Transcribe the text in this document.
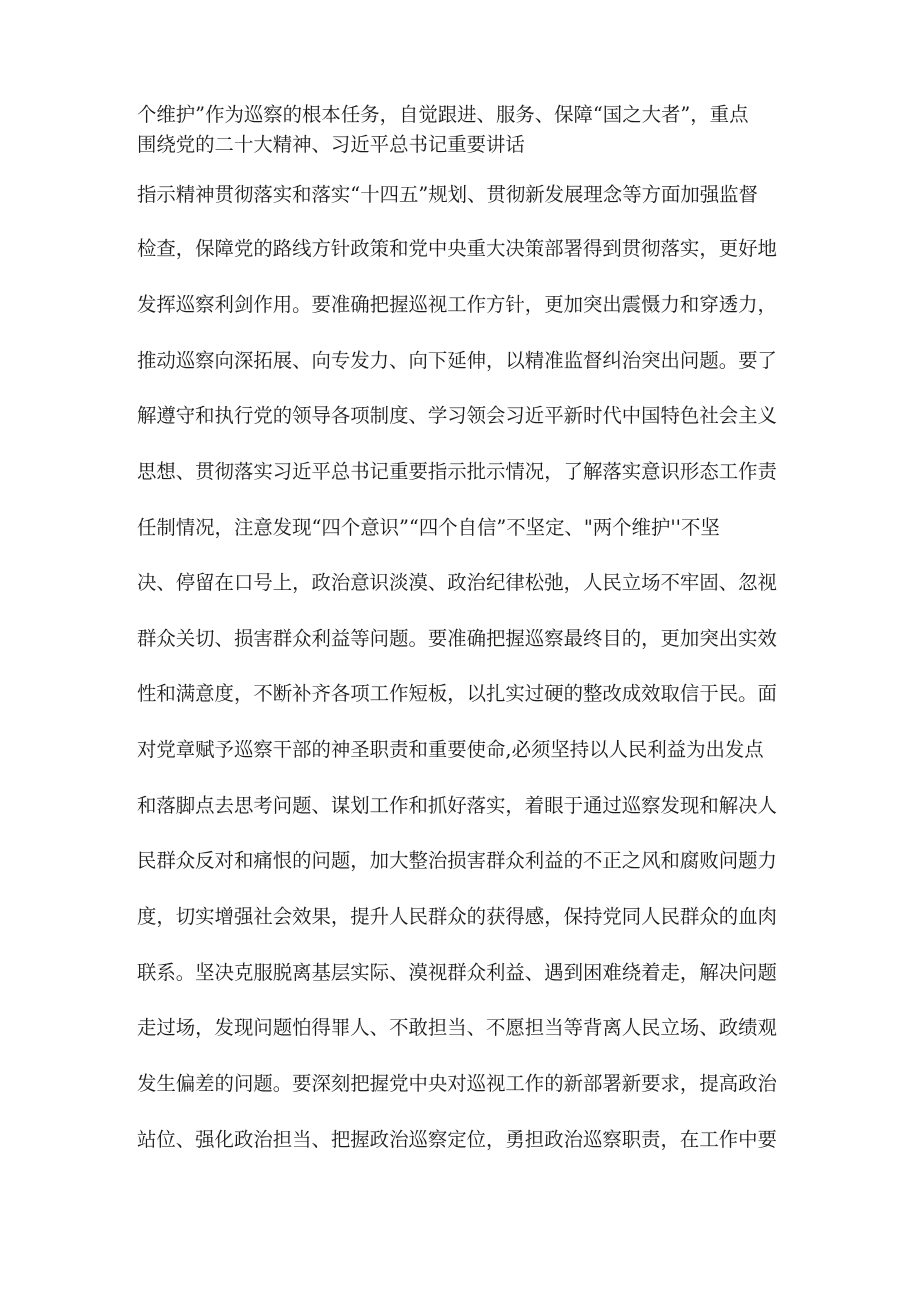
个维护”作为巡察的根本任务，自觉跟进、服务、保障“国之大者”，重点
围绕党的二十大精神、习近平总书记重要讲话
指示精神贯彻落实和落实“十四五”规划、贯彻新发展理念等方面加强监督
检查，保障党的路线方针政策和党中央重大决策部署得到贯彻落实，更好地
发挥巡察利剑作用。要准确把握巡视工作方针，更加突出震慑力和穿透力，
推动巡察向深拓展、向专发力、向下延伸，以精准监督纠治突出问题。要了
解遵守和执行党的领导各项制度、学习领会习近平新时代中国特色社会主义
思想、贯彻落实习近平总书记重要指示批示情况，了解落实意识形态工作责
任制情况，注意发现“四个意识”“四个自信”不坚定、"两个维护''不坚
决、停留在口号上，政治意识淡漠、政治纪律松弛，人民立场不牢固、忽视
群众关切、损害群众利益等问题。要准确把握巡察最终目的，更加突出实效
性和满意度，不断补齐各项工作短板，以扎实过硬的整改成效取信于民。面
对党章赋予巡察干部的神圣职责和重要使命,必须坚持以人民利益为出发点
和落脚点去思考问题、谋划工作和抓好落实，着眼于通过巡察发现和解决人
民群众反对和痛恨的问题，加大整治损害群众利益的不正之风和腐败问题力
度，切实增强社会效果，提升人民群众的获得感，保持党同人民群众的血肉
联系。坚决克服脱离基层实际、漠视群众利益、遇到困难绕着走，解决问题
走过场，发现问题怕得罪人、不敢担当、不愿担当等背离人民立场、政绩观
发生偏差的问题。要深刻把握党中央对巡视工作的新部署新要求，提高政治
站位、强化政治担当、把握政治巡察定位，勇担政治巡察职责，在工作中要
